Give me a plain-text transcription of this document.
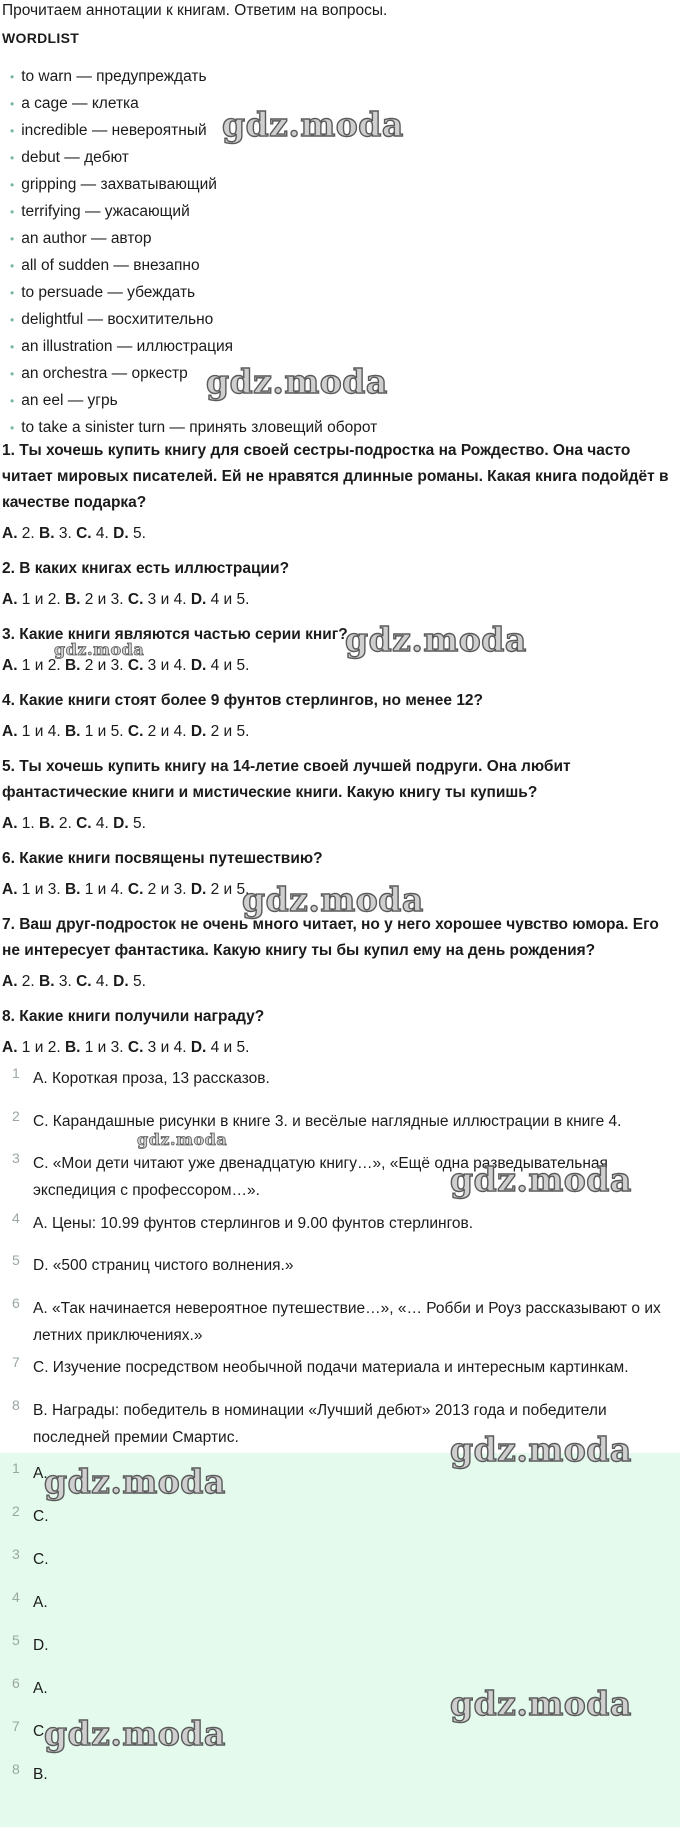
Прочитаем аннотации к книгам. Ответим на вопросы.
WORDLIST
• to warn — предупреждать
• a cage — клетка
• incredible — невероятный
• debut — дебют
• gripping — захватывающий
• terrifying — ужасающий
• an author — автор
• all of sudden — внезапно
• to persuade — убеждать
• delightful — восхитительно
• an illustration — иллюстрация
• an orchestra — оркестр
• an eel — угрь
• to take a sinister turn — принять зловещий оборот
1. Ты хочешь купить книгу для своей сестры-подростка на Рождество. Она часто читает мировых писателей. Ей не нравятся длинные романы. Какая книга подойдёт в качестве подарка?
A. 2. B. 3. C. 4. D. 5.
2. В каких книгах есть иллюстрации?
A. 1 и 2. B. 2 и 3. C. 3 и 4. D. 4 и 5.
3. Какие книги являются частью серии книг?
A. 1 и 2. B. 2 и 3. C. 3 и 4. D. 4 и 5.
4. Какие книги стоят более 9 фунтов стерлингов, но менее 12?
A. 1 и 4. B. 1 и 5. C. 2 и 4. D. 2 и 5.
5. Ты хочешь купить книгу на 14-летие своей лучшей подруги. Она любит фантастические книги и мистические книги. Какую книгу ты купишь?
A. 1. B. 2. C. 4. D. 5.
6. Какие книги посвящены путешествию?
A. 1 и 3. B. 1 и 4. C. 2 и 3. D. 2 и 5.
7. Ваш друг-подросток не очень много читает, но у него хорошее чувство юмора. Его не интересует фантастика. Какую книгу ты бы купил ему на день рождения?
A. 2. B. 3. C. 4. D. 5.
8. Какие книги получили награду?
A. 1 и 2. B. 1 и 3. C. 3 и 4. D. 4 и 5.
1 A. Короткая проза, 13 рассказов.
2 C. Карандашные рисунки в книге 3. и весёлые наглядные иллюстрации в книге 4.
3 C. «Мои дети читают уже двенадцатую книгу…», «Ещё одна разведывательная экспедиция с профессором…».
4 A. Цены: 10.99 фунтов стерлингов и 9.00 фунтов стерлингов.
5 D. «500 страниц чистого волнения.»
6 A. «Так начинается невероятное путешествие…», «… Робби и Роуз рассказывают о их летних приключениях.»
7 C. Изучение посредством необычной подачи материала и интересным картинкам.
8 B. Награды: победитель в номинации «Лучший дебют» 2013 года и победители последней премии Смартис.
1 A.
2 C.
3 C.
4 A.
5 D.
6 A.
7 C.
8 B.
gdz.moda
gdz.moda
gdz.moda
gdz.moda
gdz.moda
gdz.moda
gdz.moda
gdz.moda
gdz.moda
gdz.moda
gdz.moda
